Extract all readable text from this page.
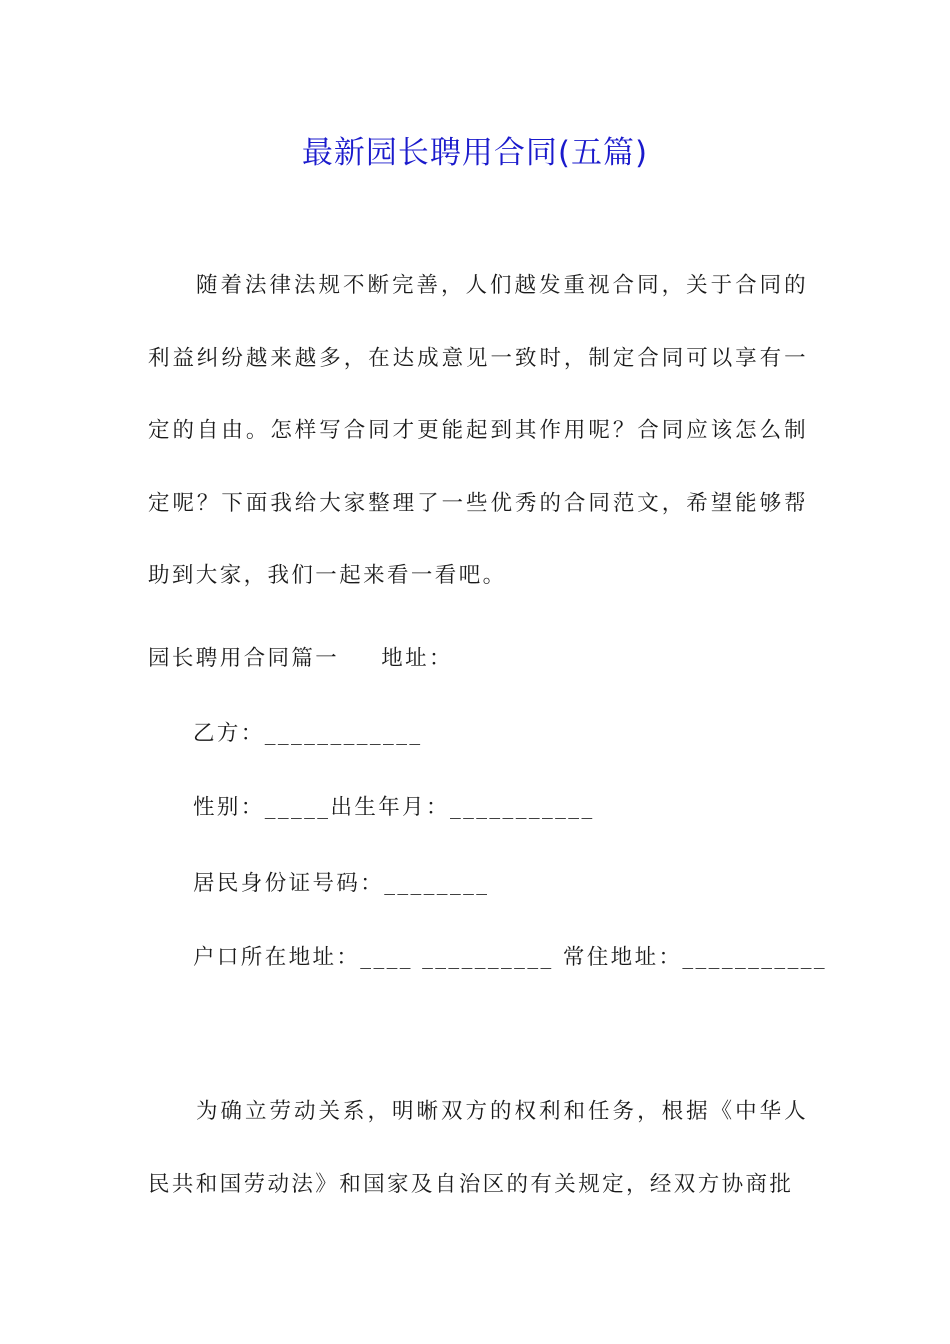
最新园长聘用合同(五篇)

随着法律法规不断完善，人们越发重视合同，关于合同的利益纠纷越来越多，在达成意见一致时，制定合同可以享有一定的自由。怎样写合同才更能起到其作用呢？合同应该怎么制定呢？下面我给大家整理了一些优秀的合同范文，希望能够帮助到大家，我们一起来看一看吧。

园长聘用合同篇一 地址：
乙方：____________
性别：_____出生年月：___________
居民身份证号码：________
户口所在地址：____ __________ 常住地址：___________

为确立劳动关系，明晰双方的权利和任务，根据《中华人民共和国劳动法》和国家及自治区的有关规定，经双方协商批
